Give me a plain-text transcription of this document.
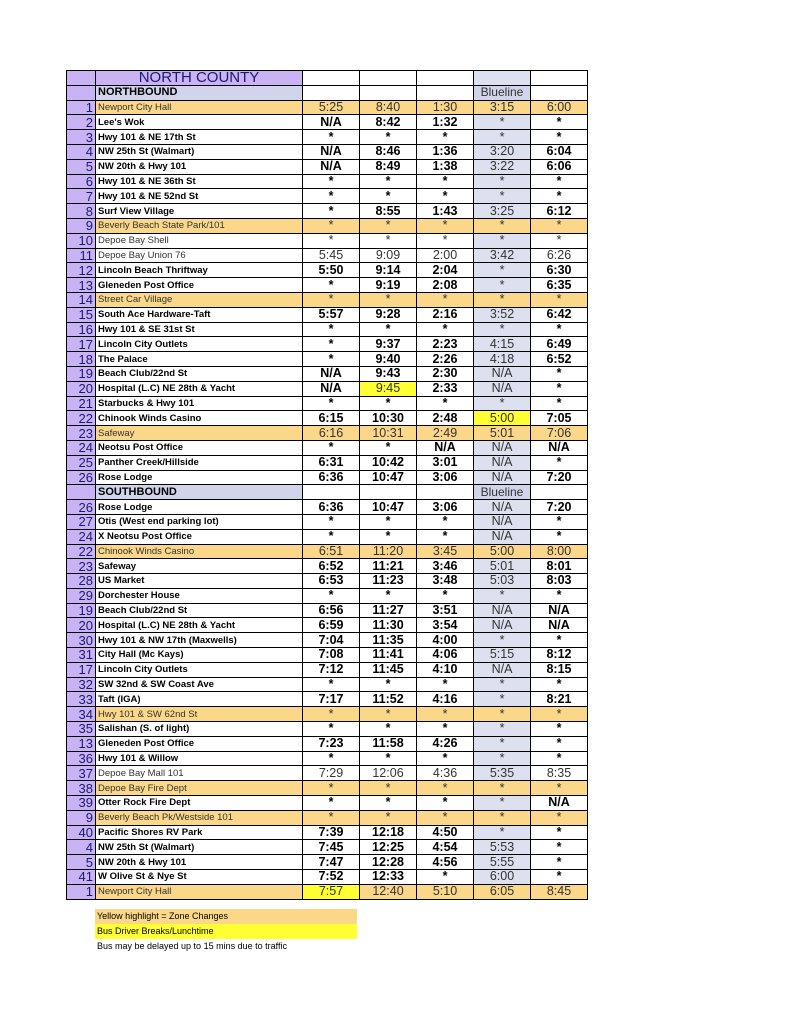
	NORTH COUNTY					
	NORTHBOUND				Blueline	
1	Newport City Hall	5:25	8:40	1:30	3:15	6:00
2	Lee's Wok	N/A	8:42	1:32	*	*
3	Hwy 101 & NE 17th St	*	*	*	*	*
4	NW 25th St (Walmart)	N/A	8:46	1:36	3:20	6:04
5	NW 20th & Hwy 101	N/A	8:49	1:38	3:22	6:06
6	Hwy 101 & NE 36th St	*	*	*	*	*
7	Hwy 101 & NE 52nd St	*	*	*	*	*
8	Surf View Village	*	8:55	1:43	3:25	6:12
9	Beverly Beach State Park/101	*	*	*	*	*
10	Depoe Bay Shell	*	*	*	*	*
11	Depoe Bay Union 76	5:45	9:09	2:00	3:42	6:26
12	Lincoln Beach Thriftway	5:50	9:14	2:04	*	6:30
13	Gleneden Post Office	*	9:19	2:08	*	6:35
14	Street Car Village	*	*	*	*	*
15	South Ace Hardware-Taft	5:57	9:28	2:16	3:52	6:42
16	Hwy 101 & SE 31st St	*	*	*	*	*
17	Lincoln City Outlets	*	9:37	2:23	4:15	6:49
18	The Palace	*	9:40	2:26	4:18	6:52
19	Beach Club/22nd St	N/A	9:43	2:30	N/A	*
20	Hospital (L.C) NE 28th & Yacht	N/A	9:45	2:33	N/A	*
21	Starbucks & Hwy 101	*	*	*	*	*
22	Chinook Winds Casino	6:15	10:30	2:48	5:00	7:05
23	Safeway	6:16	10:31	2:49	5:01	7:06
24	Neotsu Post Office	*	*	N/A	N/A	N/A
25	Panther Creek/Hillside	6:31	10:42	3:01	N/A	*
26	Rose Lodge	6:36	10:47	3:06	N/A	7:20
	SOUTHBOUND				Blueline	
26	Rose Lodge	6:36	10:47	3:06	N/A	7:20
27	Otis (West end parking lot)	*	*	*	N/A	*
24	X Neotsu Post Office	*	*	*	N/A	*
22	Chinook Winds Casino	6:51	11:20	3:45	5:00	8:00
23	Safeway	6:52	11:21	3:46	5:01	8:01
28	US Market	6:53	11:23	3:48	5:03	8:03
29	Dorchester House	*	*	*	*	*
19	Beach Club/22nd St	6:56	11:27	3:51	N/A	N/A
20	Hospital (L.C) NE 28th & Yacht	6:59	11:30	3:54	N/A	N/A
30	Hwy 101 & NW 17th (Maxwells)	7:04	11:35	4:00	*	*
31	City Hall (Mc Kays)	7:08	11:41	4:06	5:15	8:12
17	Lincoln City Outlets	7:12	11:45	4:10	N/A	8:15
32	SW 32nd & SW Coast Ave	*	*	*	*	*
33	Taft (IGA)	7:17	11:52	4:16	*	8:21
34	Hwy 101 & SW 62nd St	*	*	*	*	*
35	Salishan (S. of light)	*	*	*	*	*
13	Gleneden Post Office	7:23	11:58	4:26	*	*
36	Hwy 101 & Willow	*	*	*	*	*
37	Depoe Bay Mall 101	7:29	12:06	4:36	5:35	8:35
38	Depoe Bay Fire Dept	*	*	*	*	*
39	Otter Rock Fire Dept	*	*	*	*	N/A
9	Beverly Beach Pk/Westside 101	*	*	*	*	*
40	Pacific Shores RV Park	7:39	12:18	4:50	*	*
4	NW 25th St (Walmart)	7:45	12:25	4:54	5:53	*
5	NW 20th & Hwy 101	7:47	12:28	4:56	5:55	*
41	W Olive St & Nye St	7:52	12:33	*	6:00	*
1	Newport City Hall	7:57	12:40	5:10	6:05	8:45
Yellow highlight = Zone Changes
Bus Driver Breaks/Lunchtime
Bus may be delayed up to 15 mins due to traffic
